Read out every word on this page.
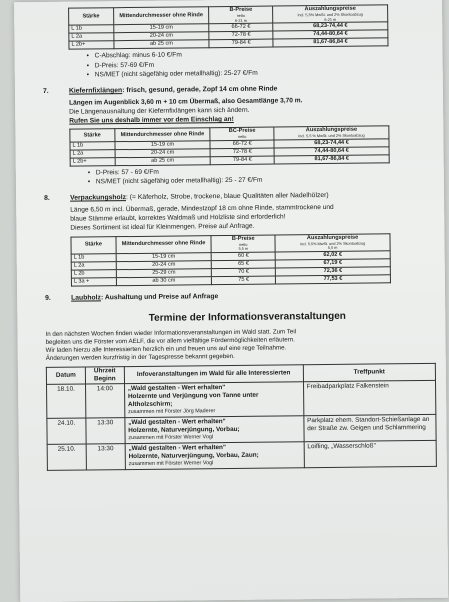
Stärke	Mittendurchmesser ohne Rinde	B-Preise
netto
6-21 m	Auszahlungspreise
incl. 5,5% MwSt. und 2% Skontoabzug
6-21 m

L 1b	15-19 cm	66-72 €	68,23-74,44 €
L 2a	20-24 cm	72-78 €	74,44-80,64 €
L 2b+	ab 25 cm	79-84 €	81,67-86,84 €
• C-Abschlag: minus 6-10 €/Fm
• D-Preis: 57-69 €/Fm
• NS/MET (nicht sägefähig oder metallhaltig): 25-27 €/Fm
7.	Kiefernfixlängen: frisch, gesund, gerade, Zopf 14 cm ohne Rinde

Längen im Augenblick 3,60 m + 10 cm Übermaß, also Gesamtlänge 3,70 m.

Die Längenausnaltung der Kiefernfixlängen kann sich ändern.

Rufen Sie uns deshalb immer vor dem Einschlag an!

Stärke	Mittendurchmesser ohne Rinde	BC-Preise
netto	Auszahlungspreise
incl. 5,5 % MwSt. und 2% Skontoabzug

L 1b	15-19 cm	66-72 €	68,23-74,44 €
L 2a	20-24 cm	72-78 €	74,44-80,64 €
L 2b+	ab 25 cm	79-84 €	81,67-86,84 €
• D-Preis: 57 - 69 €/Fm
• NS/MET (nicht sägefähig oder metallhaltig): 25 - 27 €/Fm
8.	Verpackungsholz: (= Käferholz, Strobe, trockene, blaue Qualitäten aller Nadelhölzer)

Länge 6,50 m incl. Übermaß, gerade, Mindestzopf 18 cm ohne Rinde, stammtrockene und

blaue Stämme erlaubt, korrektes Waldmaß und Holzliste sind erforderlich!

Dieses Sortiment ist ideal für Kleinmengen. Preise auf Anfrage.

Stärke	Mittendurchmesser ohne Rinde	B-Preise
netto
5,5 m	Auszahlungspreise
incl. 5,5% MwSt. und 2% Skontoabzug
5,5 m

L 1b	15-19 cm	60 €	62,02 €
L 2a	20-24 cm	65 €	67,19 €
L 2b	25-29 cm	70 €	72,36 €
L 3a +	ab 30 cm	75 €	77,53 €
9.	Laubholz: Aushaltung und Preise auf Anfrage
Termine der Informationsveranstaltungen

In den nächsten Wochen finden wieder Informationsveranstaltungen im Wald statt. Zum Teil

begleiten uns die Förster vom AELF, die vor allem vielfältige Fördermöglichkeiten erläutern.

Wir laden hierzu alle Interessierten herzlich ein und freuen uns auf eine rege Teilnahme.

Änderungen werden kurzfristig in der Tagespresse bekannt gegeben.

Datum	Uhrzeit Beginn	Infoveranstaltungen im Wald für alle Interessierten	Treffpunkt
18.10.	14:00	„Wald gestalten - Wert erhalten"
Holzernte und Verjüngung von Tanne unter Altholzschirm;
zusammen mit Förster Jörg Maderer	Freibadparkplatz Falkenstein
24.10.	13:30	„Wald gestalten - Wert erhalten"
Holzernte, Naturverjüngung, Vorbau;
zusammen mit Förster Werner Vogl	Parkplatz ehem. Standort-Schießanlage an der Straße zw. Geigen und Schlammering
25.10.	13:30	„Wald gestalten - Wert erhalten"
Holzernte, Naturverjüngung, Vorbau, Zaun;
zusammen mit Förster Werner Vogl	Loifling, „Wasserschloß"
